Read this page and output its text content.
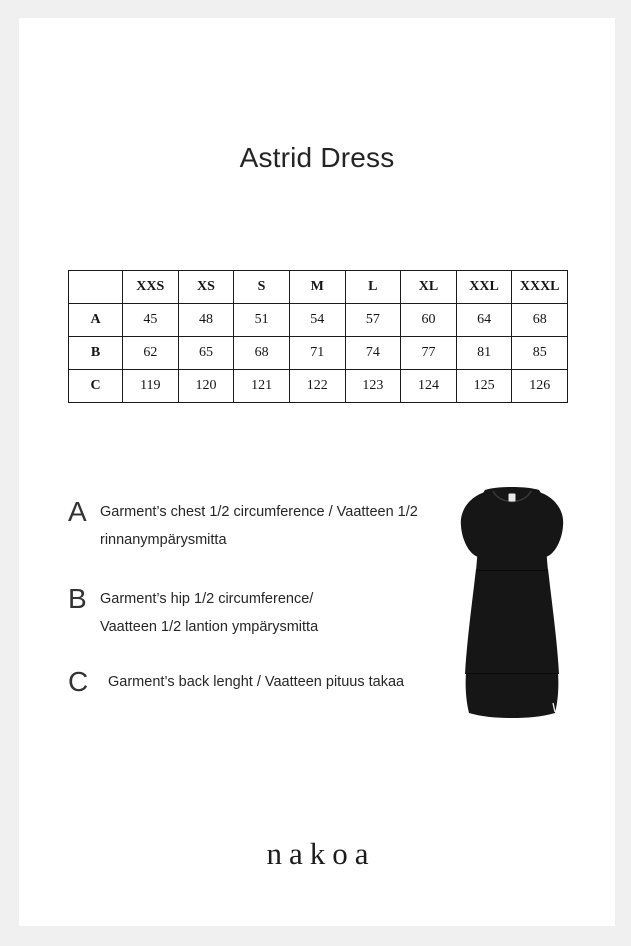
Astrid Dress
	XXS	XS	S	M	L	XL	XXL	XXXL
A	45	48	51	54	57	60	64	68
B	62	65	68	71	74	77	81	85
C	119	120	121	122	123	124	125	126
A Garment’s chest 1/2 circumference / Vaatteen 1/2
rinnanympärysmitta
B Garment’s hip 1/2 circumference/
Vaatteen 1/2 lantion ympärysmitta
C	Garment’s back lenght / Vaatteen pituus takaa
nakoa
